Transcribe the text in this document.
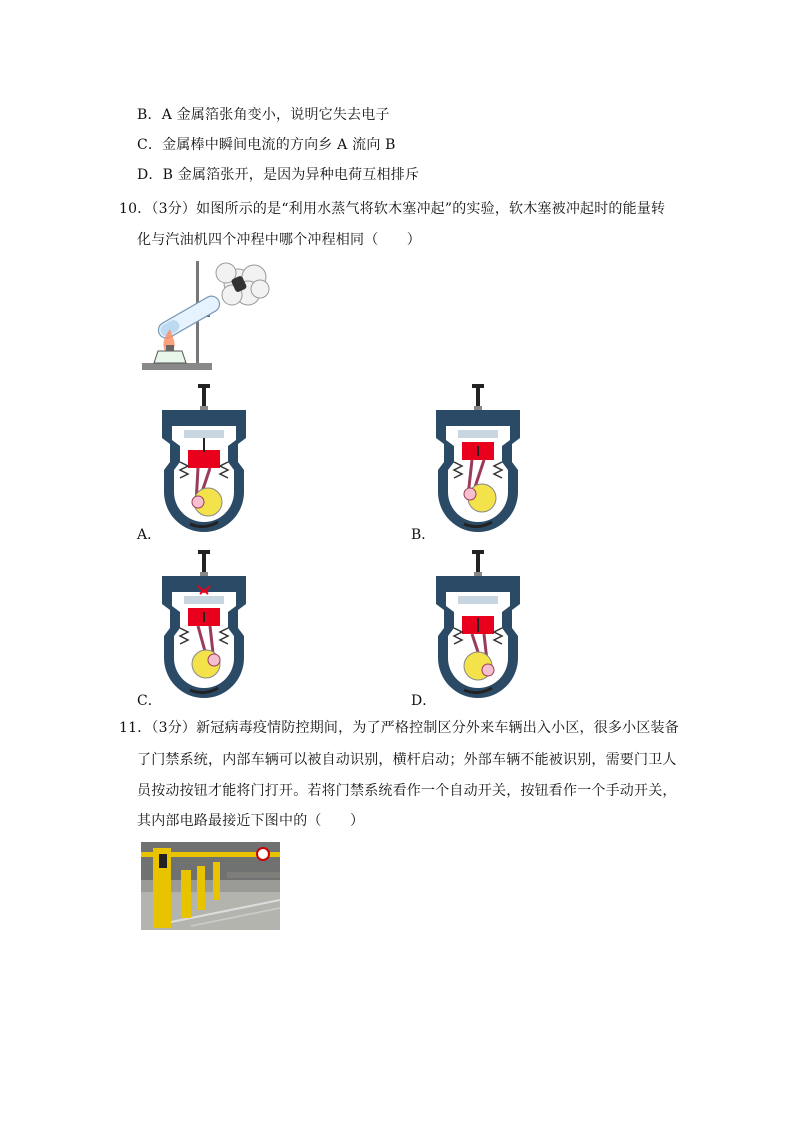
B．A 金属箔张角变小，说明它失去电子
C．金属棒中瞬间电流的方向乡 A 流向 B
D．B 金属箔张开，是因为异种电荷互相排斥
10．（3分）如图所示的是“利用水蒸气将软木塞冲起”的实验，软木塞被冲起时的能量转
化与汽油机四个冲程中哪个冲程相同（　　）
A．	B．
C．	D．
11．（3分）新冠病毒疫情防控期间，为了严格控制区分外来车辆出入小区，很多小区装备
了门禁系统，内部车辆可以被自动识别，横杆启动；外部车辆不能被识别，需要门卫人
员按动按钮才能将门打开。若将门禁系统看作一个自动开关，按钮看作一个手动开关，
其内部电路最接近下图中的（　　）
